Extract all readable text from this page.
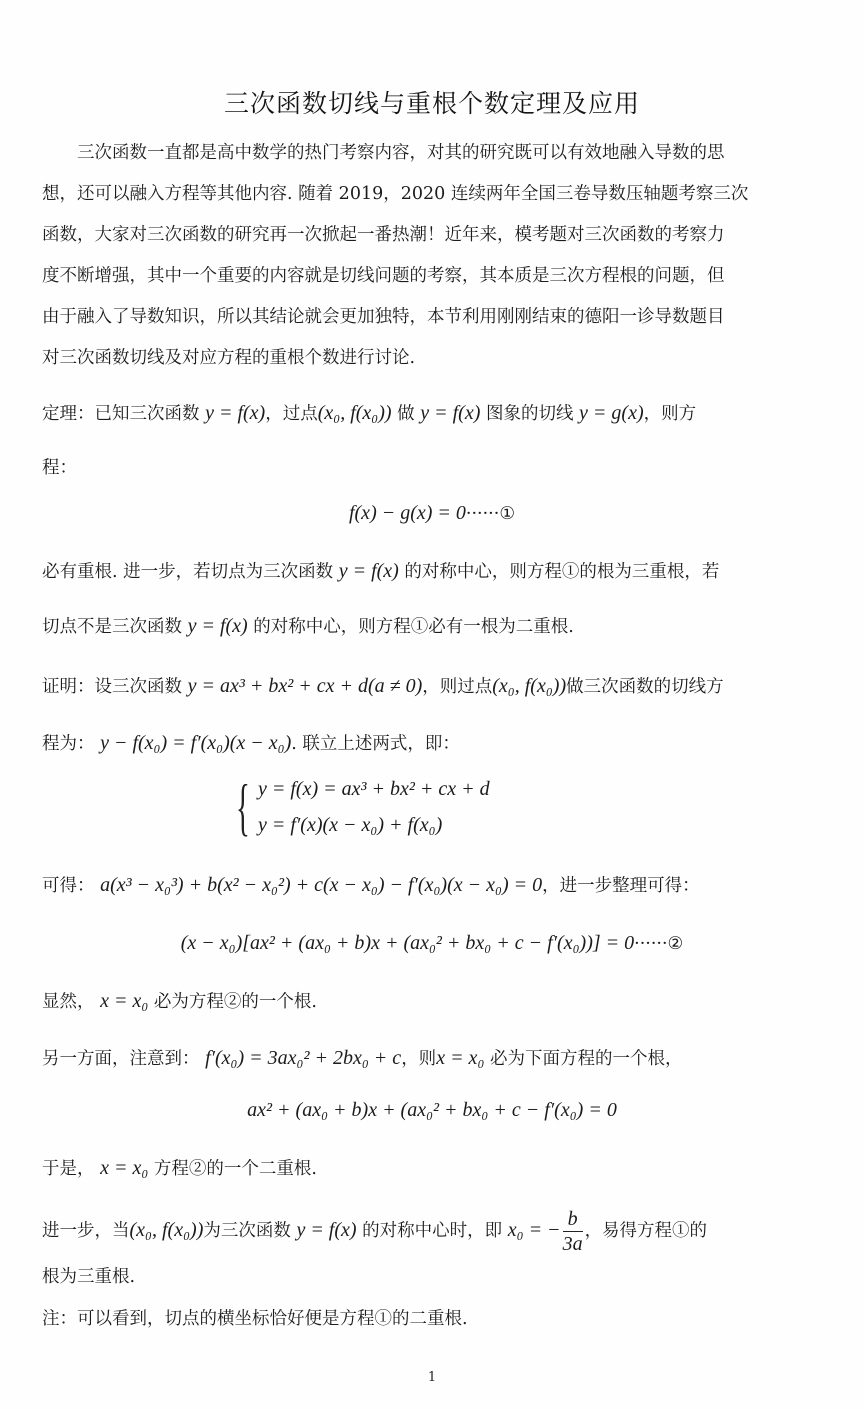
三次函数切线与重根个数定理及应用
三次函数一直都是高中数学的热门考察内容，对其的研究既可以有效地融入导数的思
想，还可以融入方程等其他内容. 随着 2019，2020 连续两年全国三卷导数压轴题考察三次
函数，大家对三次函数的研究再一次掀起一番热潮！近年来，模考题对三次函数的考察力
度不断增强，其中一个重要的内容就是切线问题的考察，其本质是三次方程根的问题，但
由于融入了导数知识，所以其结论就会更加独特，本节利用刚刚结束的德阳一诊导数题目
对三次函数切线及对应方程的重根个数进行讨论.
定理：已知三次函数 y = f(x)，过点(x₀, f(x₀)) 做 y = f(x) 图象的切线 y = g(x)，则方
程：
f(x) − g(x) = 0······①
必有重根. 进一步，若切点为三次函数 y = f(x) 的对称中心，则方程①的根为三重根，若
切点不是三次函数 y = f(x) 的对称中心，则方程①必有一根为二重根.
证明：设三次函数 y = ax³ + bx² + cx + d(a ≠ 0)，则过点(x₀, f(x₀))做三次函数的切线方
程为： y − f(x₀) = f′(x₀)(x − x₀). 联立上述两式，即：
{ y = f(x) = ax³ + bx² + cx + d
y = f′(x)(x − x₀) + f(x₀)
可得： a(x³ − x₀³) + b(x² − x₀²) + c(x − x₀) − f′(x₀)(x − x₀) = 0，进一步整理可得：
(x − x₀)[ax² + (ax₀ + b)x + (ax₀² + bx₀ + c − f′(x₀))] = 0······②
显然， x = x₀ 必为方程②的一个根.
另一方面，注意到： f′(x₀) = 3ax₀² + 2bx₀ + c，则x = x₀ 必为下面方程的一个根，
ax² + (ax₀ + b)x + (ax₀² + bx₀ + c − f′(x₀) = 0
于是， x = x₀ 方程②的一个二重根.
进一步，当(x₀, f(x₀))为三次函数 y = f(x) 的对称中心时，即 x₀ = − $\frac{b}{3a}$ ，易得方程①的
根为三重根.
注：可以看到，切点的横坐标恰好便是方程①的二重根.
1
